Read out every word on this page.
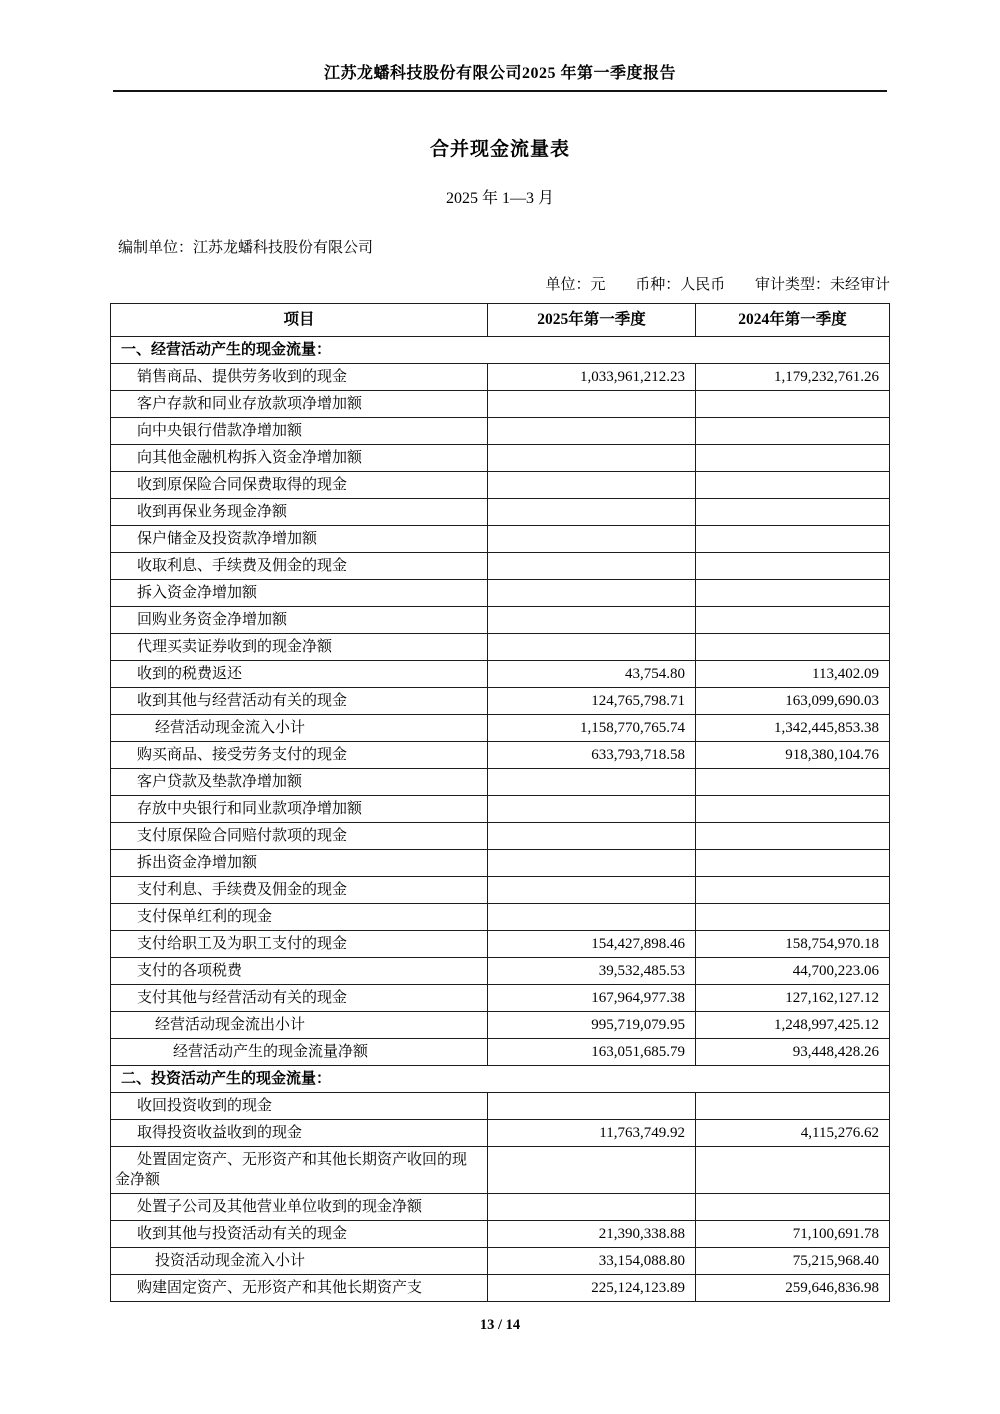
江苏龙蟠科技股份有限公司2025 年第一季度报告
合并现金流量表
2025 年 1—3 月
编制单位：江苏龙蟠科技股份有限公司
单位：元 币种：人民币 审计类型：未经审计
项目	2025年第一季度	2024年第一季度
一、经营活动产生的现金流量：		
销售商品、提供劳务收到的现金	1,033,961,212.23	1,179,232,761.26
客户存款和同业存放款项净增加额		
向中央银行借款净增加额		
向其他金融机构拆入资金净增加额		
收到原保险合同保费取得的现金		
收到再保业务现金净额		
保户储金及投资款净增加额		
收取利息、手续费及佣金的现金		
拆入资金净增加额		
回购业务资金净增加额		
代理买卖证券收到的现金净额		
收到的税费返还	43,754.80	113,402.09
收到其他与经营活动有关的现金	124,765,798.71	163,099,690.03
经营活动现金流入小计	1,158,770,765.74	1,342,445,853.38
购买商品、接受劳务支付的现金	633,793,718.58	918,380,104.76
客户贷款及垫款净增加额		
存放中央银行和同业款项净增加额		
支付原保险合同赔付款项的现金		
拆出资金净增加额		
支付利息、手续费及佣金的现金		
支付保单红利的现金		
支付给职工及为职工支付的现金	154,427,898.46	158,754,970.18
支付的各项税费	39,532,485.53	44,700,223.06
支付其他与经营活动有关的现金	167,964,977.38	127,162,127.12
经营活动现金流出小计	995,719,079.95	1,248,997,425.12
经营活动产生的现金流量净额	163,051,685.79	93,448,428.26
二、投资活动产生的现金流量：		
收回投资收到的现金		
取得投资收益收到的现金	11,763,749.92	4,115,276.62
处置固定资产、无形资产和其他长期资产收回的现金净额		
处置子公司及其他营业单位收到的现金净额		
收到其他与投资活动有关的现金	21,390,338.88	71,100,691.78
投资活动现金流入小计	33,154,088.80	75,215,968.40
购建固定资产、无形资产和其他长期资产支	225,124,123.89	259,646,836.98
13 / 14
